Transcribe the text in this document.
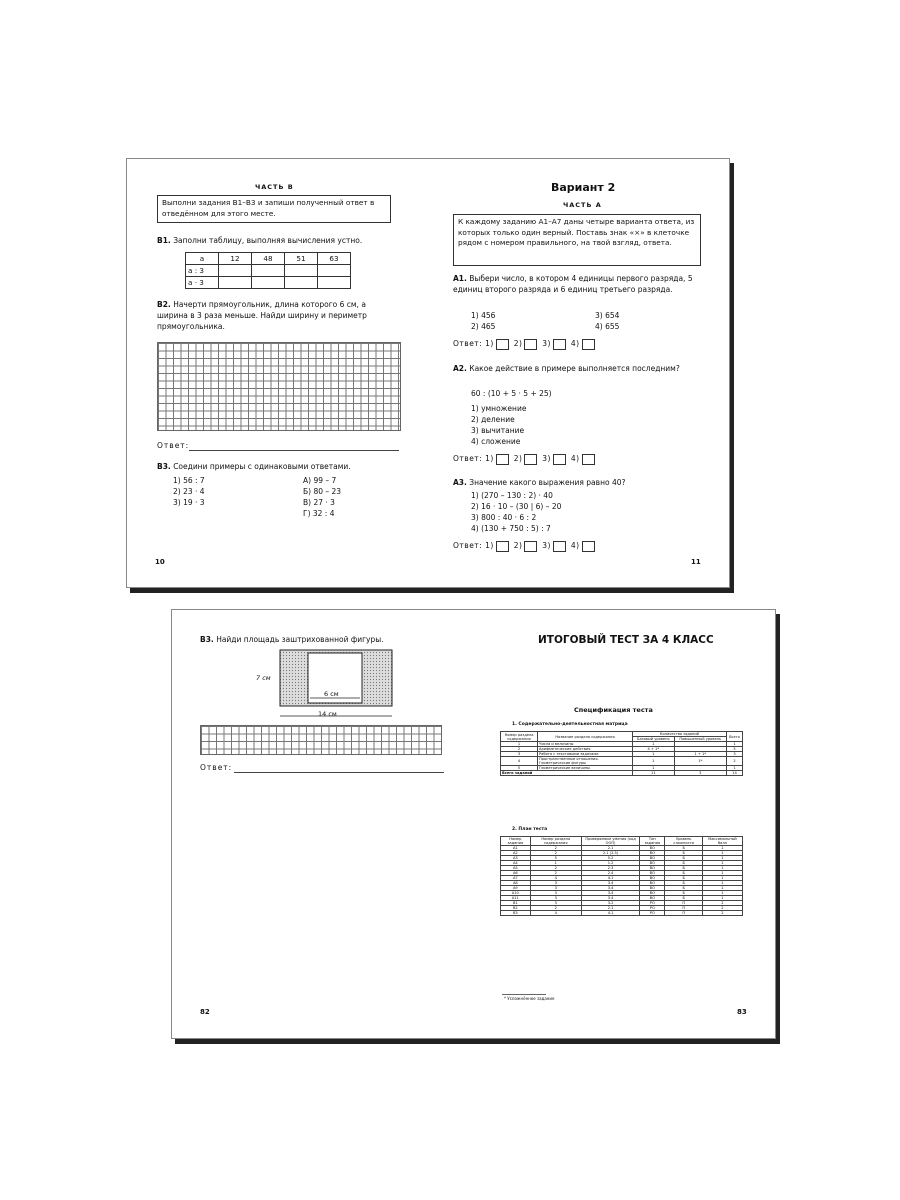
ЧАСТЬ В
Выполни задания В1–В3 и запиши полученный ответ в отведённом для этого месте.
В1. Заполни таблицу, выполняя вычисления устно.
a	12	48	51	63
a : 3				
a · 3				
В2. Начерти прямоугольник, длина которого 6 см, а ширина в 3 раза меньше. Найди ширину и периметр прямоугольника.
Ответ:
В3. Соедини примеры с одинаковыми ответами.
1) 56 : 7
2) 23 · 4
3) 19 · 3
А) 99 – 7
Б) 80 – 23
В) 27 · 3
Г) 32 : 4
10
Вариант 2
ЧАСТЬ А
К каждому заданию А1–А7 даны четыре варианта ответа, из которых только один верный. Поставь знак «×» в клеточке рядом с номером правильного, на твой взгляд, ответа.
А1. Выбери число, в котором 4 единицы первого разряда, 5 единиц второго разряда и 6 единиц третьего разряда.
1) 456	3) 654
2) 465	4) 655
Ответ: 1)	2)	3)	4)
А2. Какое действие в примере выполняется последним?
60 : (10 + 5 · 5 + 25)
1) умножение
2) деление
3) вычитание
4) сложение
Ответ: 1)	2)	3)	4)
А3. Значение какого выражения равно 40?
1) (270 – 130 : 2) · 40
2) 16 · 10 – (30 | 6) – 20
3) 800 : 40 · 6 : 2
4) (130 + 750 : 5) : 7
Ответ: 1)	2)	3)	4)
11
В3. Найди площадь заштрихованной фигуры.
7 см
6 см
14 см
Ответ:
82
ИТОГОВЫЙ ТЕСТ ЗА 4 КЛАСС
Спецификация теста
1. Содержательно-деятельностная матрица
Номер раздела содержания	Название раздела содержания	Количество заданий		Всего
		Базовый уровень	Повышенный уровень	
1	Числа и величины	1		1
2	Арифметические действия	4 + 1*		5
3	Работа с текстовыми задачами	1	1 + 1*	3
4	Пространственные отношения. Геометрические фигуры	1	1*	2
5	Геометрические величины	1		1
Всего заданий		11	3	14
2. План теста
Номер задания	Номер раздела содержания	Проверяемые умения (код ООП)	Тип задания	Уровень сложности	Максимальный балл
А1	2	2.1	ВО	Б	1
А2	2	2.1 (2.5)	ВО	Б	1
А3	5	5.2	ВО	Б	1
А4	1	1.2	ВО	Б	1
А5	2	2.3	ВО	Б	1
А6	2	2.4	ВО	Б	1
А7	4	4.1	ВО	Б	1
А8	3	3.4	ВО	Б	1
А9	3	3.4	ВО	Б	1
А10	3	3.4	ВО	Б	1
А11	3	3.4	ВО	Б	1
В1	3	3.2	РО	П	2
В2	2	2.1	РО	П	2
В3	4	4.1	РО	П	2
* Усложнённое задание
83
